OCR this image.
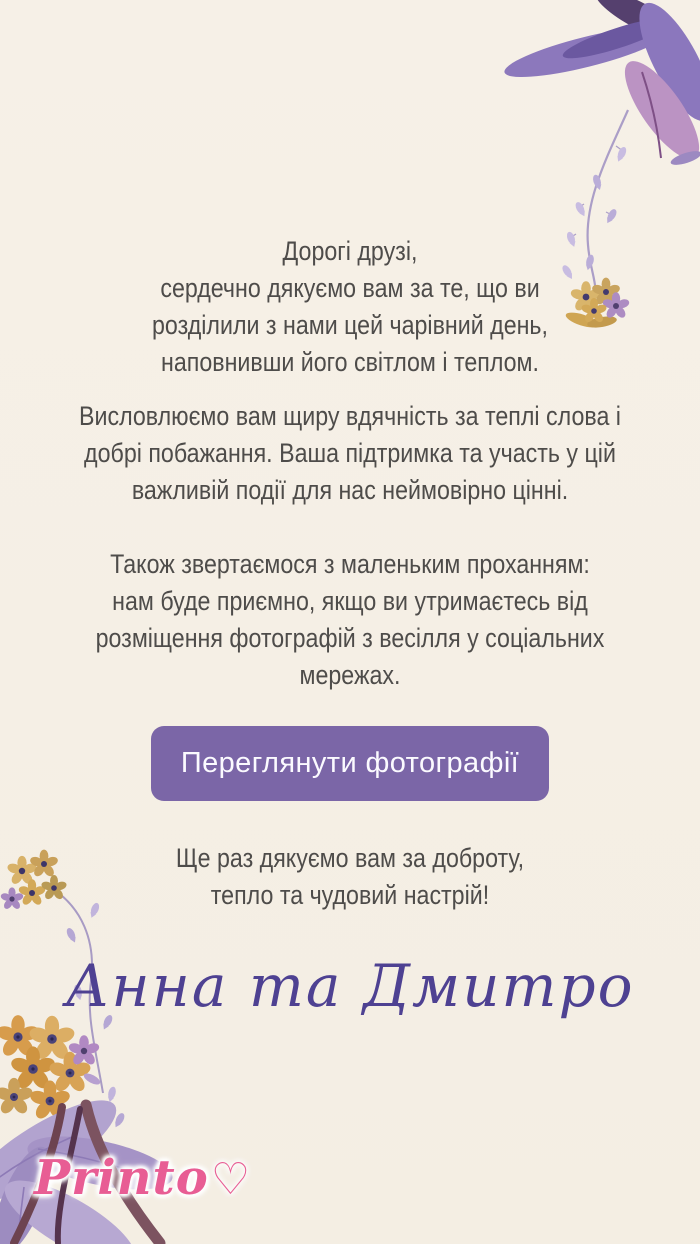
Дорогі друзі,
сердечно дякуємо вам за те, що ви
розділили з нами цей чарівний день,
наповнивши його світлом і теплом.

Висловлюємо вам щиру вдячність за теплі слова і
добрі побажання. Ваша підтримка та участь у цій
важливій події для нас неймовірно цінні.

Також звертаємося з маленьким проханням:
нам буде приємно, якщо ви утримаєтесь від
розміщення фотографій з весілля у соціальних
мережах.

Переглянути фотографії

Ще раз дякуємо вам за доброту,
тепло та чудовий настрій!

Анна та Дмитро
Printo♡
